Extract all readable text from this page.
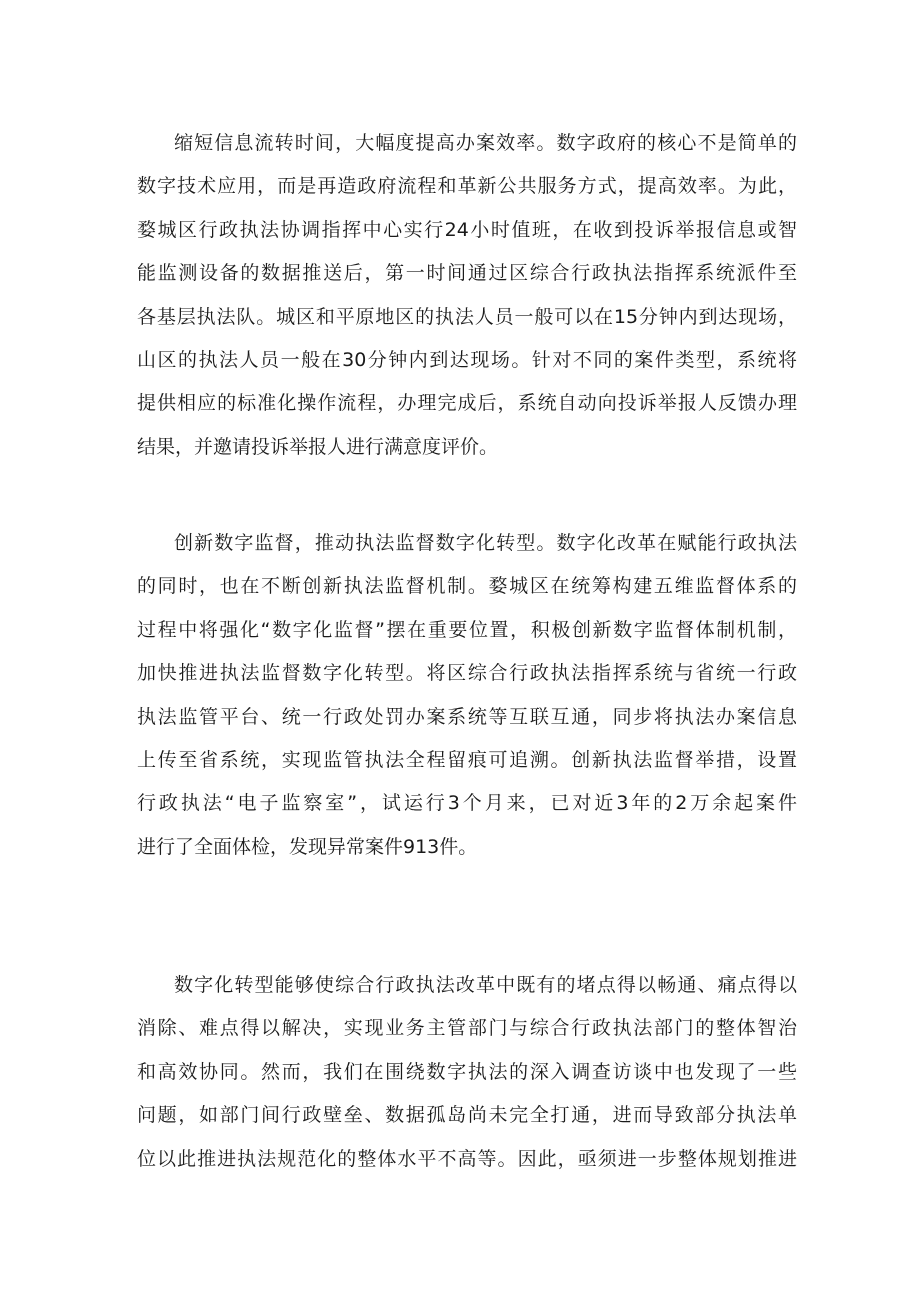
缩短信息流转时间，大幅度提高办案效率。数字政府的核心不是简单的
数字技术应用，而是再造政府流程和革新公共服务方式，提高效率。为此，
婺城区行政执法协调指挥中心实行24小时值班，在收到投诉举报信息或智
能监测设备的数据推送后，第一时间通过区综合行政执法指挥系统派件至
各基层执法队。城区和平原地区的执法人员一般可以在15分钟内到达现场，
山区的执法人员一般在30分钟内到达现场。针对不同的案件类型，系统将
提供相应的标准化操作流程，办理完成后，系统自动向投诉举报人反馈办理
结果，并邀请投诉举报人进行满意度评价。
创新数字监督，推动执法监督数字化转型。数字化改革在赋能行政执法
的同时，也在不断创新执法监督机制。婺城区在统筹构建五维监督体系的
过程中将强化“数字化监督”摆在重要位置，积极创新数字监督体制机制，
加快推进执法监督数字化转型。将区综合行政执法指挥系统与省统一行政
执法监管平台、统一行政处罚办案系统等互联互通，同步将执法办案信息
上传至省系统，实现监管执法全程留痕可追溯。创新执法监督举措，设置
行政执法“电子监察室”，试运行3个月来，已对近3年的2万余起案件
进行了全面体检，发现异常案件913件。
数字化转型能够使综合行政执法改革中既有的堵点得以畅通、痛点得以
消除、难点得以解决，实现业务主管部门与综合行政执法部门的整体智治
和高效协同。然而，我们在围绕数字执法的深入调查访谈中也发现了一些
问题，如部门间行政壁垒、数据孤岛尚未完全打通，进而导致部分执法单
位以此推进执法规范化的整体水平不高等。因此，亟须进一步整体规划推进
